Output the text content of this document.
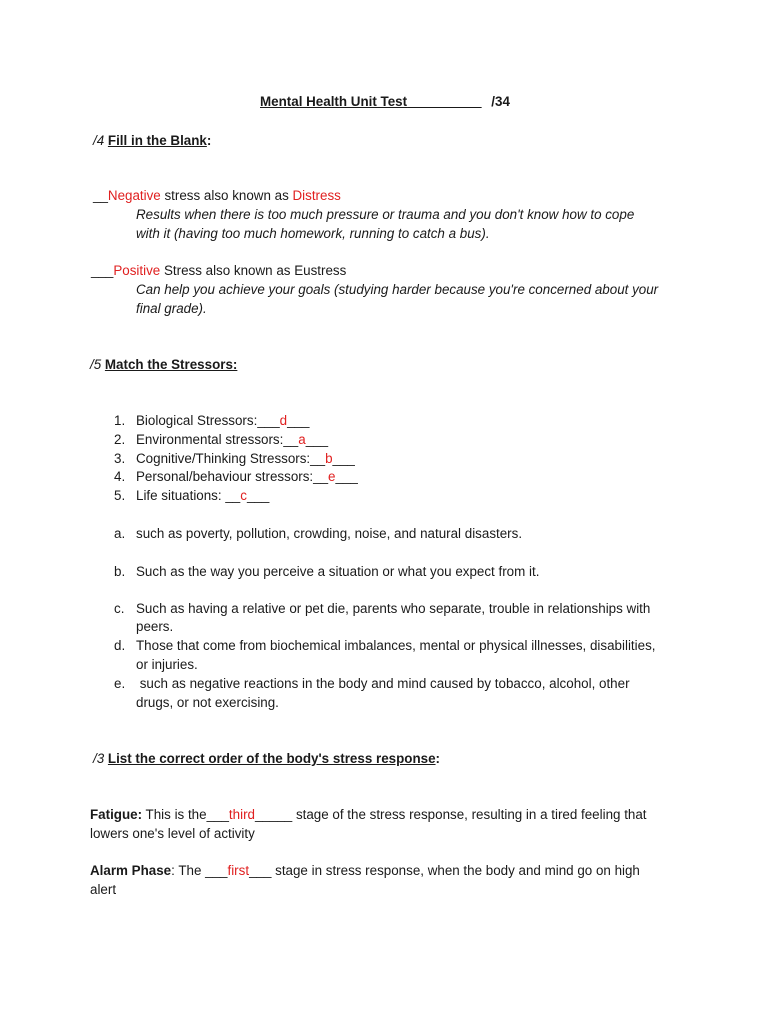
Mental Health Unit Test__________ /34
/4 Fill in the Blank:
__Negative stress also known as Distress
Results when there is too much pressure or trauma and you don't know how to cope
with it (having too much homework, running to catch a bus).
___Positive Stress also known as Eustress
Can help you achieve your goals (studying harder because you're concerned about your
final grade).
/5 Match the Stressors:
1. Biological Stressors:___d___
2. Environmental stressors:__a___
3. Cognitive/Thinking Stressors:__b___
4. Personal/behaviour stressors:__e___
5. Life situations: __c___
a. such as poverty, pollution, crowding, noise, and natural disasters.
b. Such as the way you perceive a situation or what you expect from it.
c. Such as having a relative or pet die, parents who separate, trouble in relationships with
peers.
d. Those that come from biochemical imbalances, mental or physical illnesses, disabilities,
or injuries.
e. such as negative reactions in the body and mind caused by tobacco, alcohol, other
drugs, or not exercising.
/3 List the correct order of the body's stress response:
Fatigue: This is the___third_____ stage of the stress response, resulting in a tired feeling that
lowers one's level of activity
Alarm Phase: The ___first___ stage in stress response, when the body and mind go on high
alert
